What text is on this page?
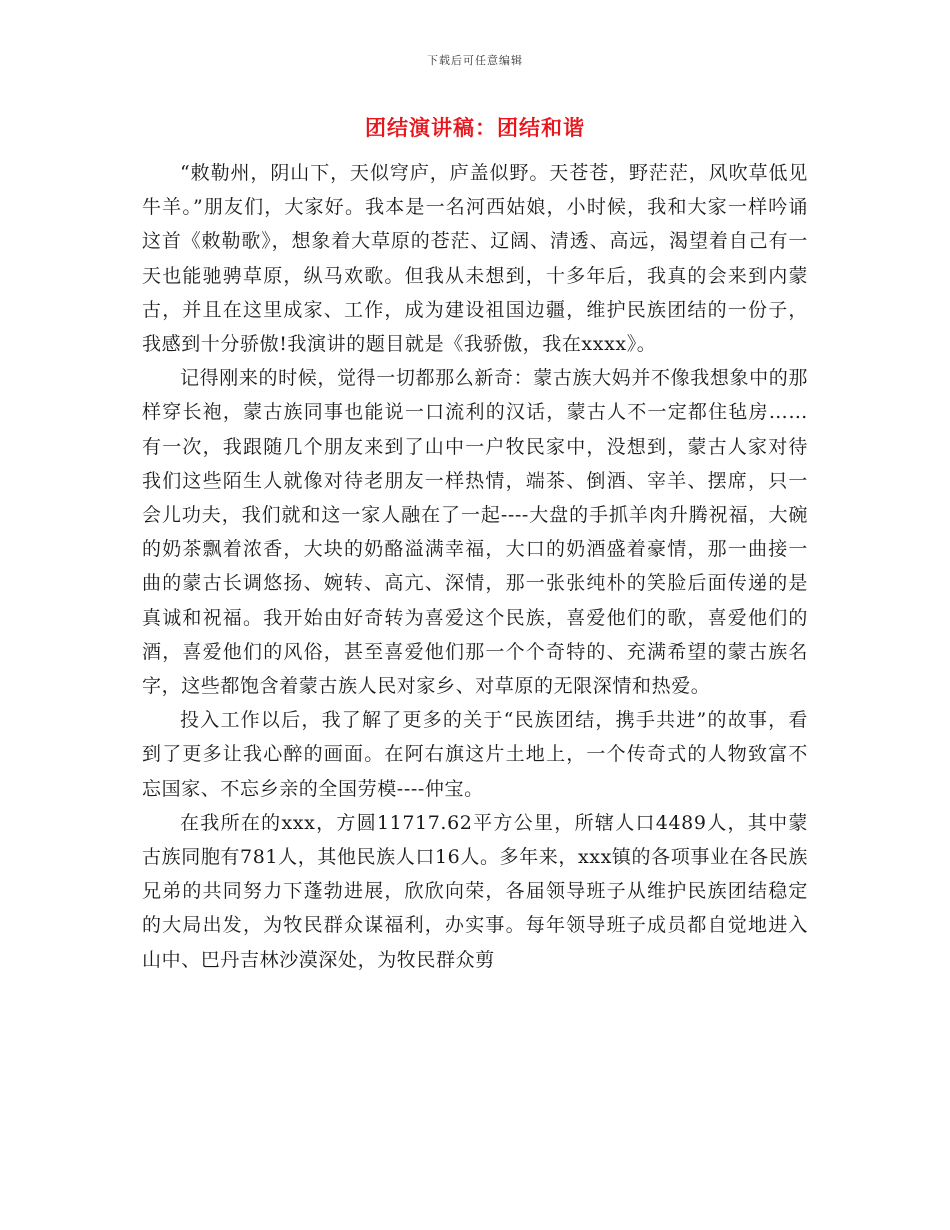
下载后可任意编辑
团结演讲稿：团结和谐

“敕勒州，阴山下，天似穹庐，庐盖似野。天苍苍，野茫茫，风吹草低见牛羊。”朋友们，大家好。我本是一名河西姑娘，小时候，我和大家一样吟诵这首《敕勒歌》，想象着大草原的苍茫、辽阔、清透、高远，渴望着自己有一天也能驰骋草原，纵马欢歌。但我从未想到，十多年后，我真的会来到内蒙古，并且在这里成家、工作，成为建设祖国边疆，维护民族团结的一份子，我感到十分骄傲!我演讲的题目就是《我骄傲，我在xxxx》。

记得刚来的时候，觉得一切都那么新奇：蒙古族大妈并不像我想象中的那样穿长袍，蒙古族同事也能说一口流利的汉话，蒙古人不一定都住毡房……有一次，我跟随几个朋友来到了山中一户牧民家中，没想到，蒙古人家对待我们这些陌生人就像对待老朋友一样热情，端茶、倒酒、宰羊、摆席，只一会儿功夫，我们就和这一家人融在了一起----大盘的手抓羊肉升腾祝福，大碗的奶茶飘着浓香，大块的奶酪溢满幸福，大口的奶酒盛着豪情，那一曲接一曲的蒙古长调悠扬、婉转、高亢、深情，那一张张纯朴的笑脸后面传递的是真诚和祝福。我开始由好奇转为喜爱这个民族，喜爱他们的歌，喜爱他们的酒，喜爱他们的风俗，甚至喜爱他们那一个个奇特的、充满希望的蒙古族名字，这些都饱含着蒙古族人民对家乡、对草原的无限深情和热爱。

投入工作以后，我了解了更多的关于“民族团结，携手共进”的故事，看到了更多让我心醉的画面。在阿右旗这片土地上，一个传奇式的人物致富不忘国家、不忘乡亲的全国劳模----仲宝。

在我所在的xxx，方圆11717.62平方公里，所辖人口4489人，其中蒙古族同胞有781人，其他民族人口16人。多年来，xxx镇的各项事业在各民族兄弟的共同努力下蓬勃进展，欣欣向荣，各届领导班子从维护民族团结稳定的大局出发，为牧民群众谋福利，办实事。每年领导班子成员都自觉地进入山中、巴丹吉林沙漠深处，为牧民群众剪
